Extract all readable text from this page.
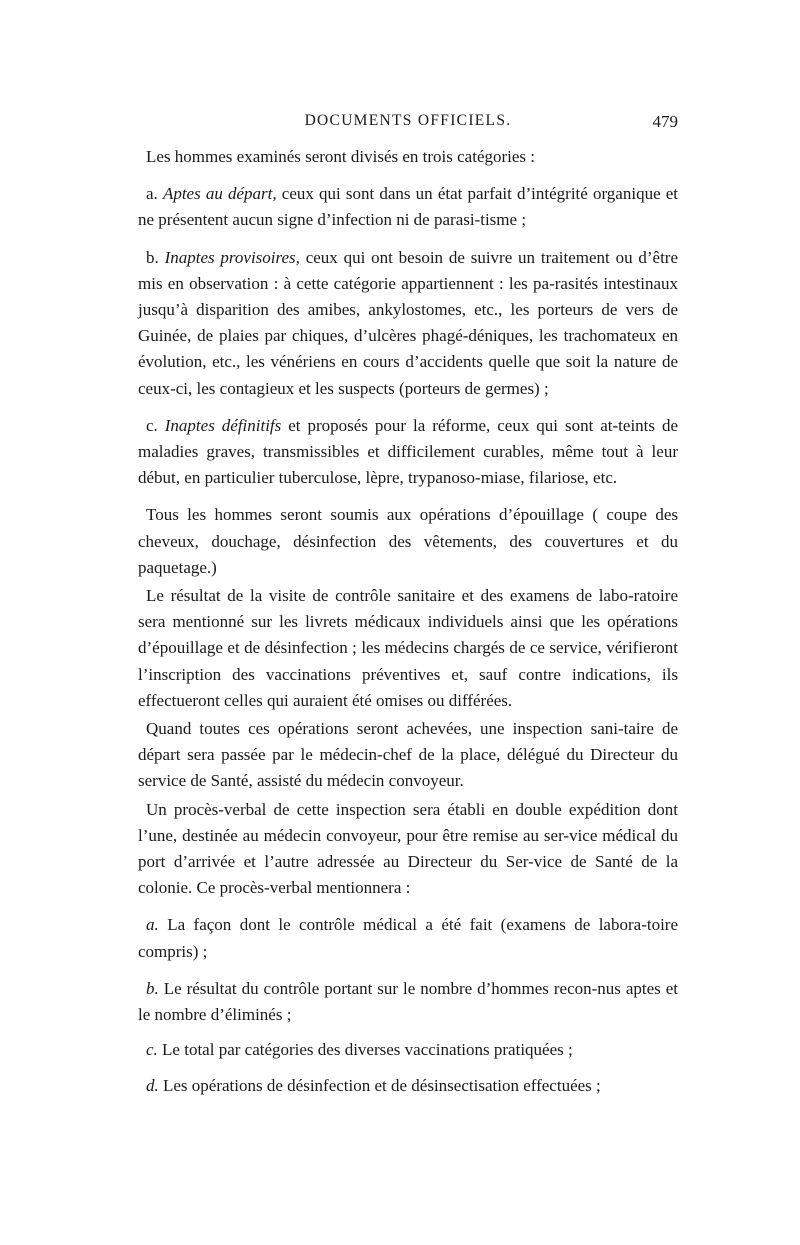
DOCUMENTS OFFICIELS.	479

Les hommes examinés seront divisés en trois catégories :

a. Aptes au départ, ceux qui sont dans un état parfait d’intégrité organique et ne présentent aucun signe d’infection ni de parasi-tisme ;

b. Inaptes provisoires, ceux qui ont besoin de suivre un traitement ou d’être mis en observation : à cette catégorie appartiennent : les pa-rasités intestinaux jusqu’à disparition des amibes, ankylostomes, etc., les porteurs de vers de Guinée, de plaies par chiques, d’ulcères phagé-déniques, les trachomateux en évolution, etc., les vénériens en cours d’accidents quelle que soit la nature de ceux-ci, les contagieux et les suspects (porteurs de germes) ;

c. Inaptes définitifs et proposés pour la réforme, ceux qui sont at-teints de maladies graves, transmissibles et difficilement curables, même tout à leur début, en particulier tuberculose, lèpre, trypanoso-miase, filariose, etc.

Tous les hommes seront soumis aux opérations d’épouillage ( coupe des cheveux, douchage, désinfection des vêtements, des couvertures et du paquetage.)

Le résultat de la visite de contrôle sanitaire et des examens de labo-ratoire sera mentionné sur les livrets médicaux individuels ainsi que les opérations d’épouillage et de désinfection ; les médecins chargés de ce service, vérifieront l’inscription des vaccinations préventives et, sauf contre indications, ils effectueront celles qui auraient été omises ou différées.

Quand toutes ces opérations seront achevées, une inspection sani-taire de départ sera passée par le médecin-chef de la place, délégué du Directeur du service de Santé, assisté du médecin convoyeur.

Un procès-verbal de cette inspection sera établi en double expédition dont l’une, destinée au médecin convoyeur, pour être remise au ser-vice médical du port d’arrivée et l’autre adressée au Directeur du Ser-vice de Santé de la colonie. Ce procès-verbal mentionnera :

a. La façon dont le contrôle médical a été fait (examens de labora-toire compris) ;

b. Le résultat du contrôle portant sur le nombre d’hommes recon-nus aptes et le nombre d’éliminés ;

c. Le total par catégories des diverses vaccinations pratiquées ;

d. Les opérations de désinfection et de désinsectisation effectuées ;
